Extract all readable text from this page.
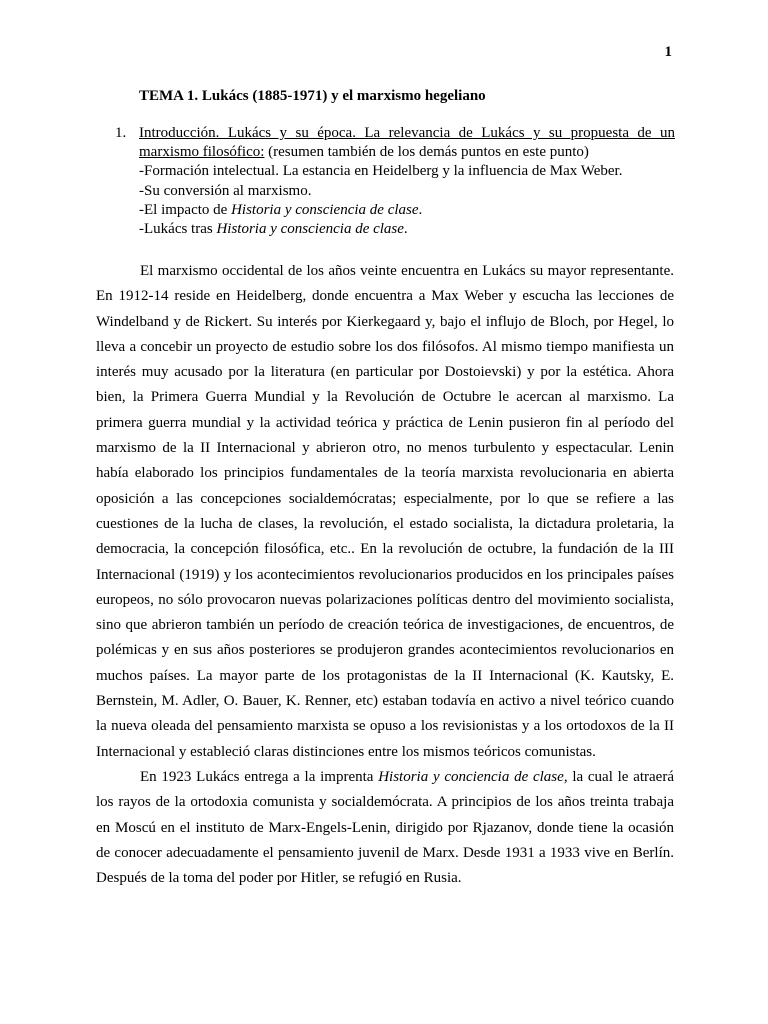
1
TEMA 1. Lukács (1885-1971) y el marxismo hegeliano
1. Introducción. Lukács y su época. La relevancia de Lukács y su propuesta de un
marxismo filosófico: (resumen también de los demás puntos en este punto)
-Formación intelectual. La estancia en Heidelberg y la influencia de Max Weber.
-Su conversión al marxismo.
-El impacto de Historia y consciencia de clase.
-Lukács tras Historia y consciencia de clase.

El marxismo occidental de los años veinte encuentra en Lukács su mayor representante. En 1912-14 reside en Heidelberg, donde encuentra a Max Weber y escucha las lecciones de Windelband y de Rickert. Su interés por Kierkegaard y, bajo el influjo de Bloch, por Hegel, lo lleva a concebir un proyecto de estudio sobre los dos filósofos. Al mismo tiempo manifiesta un interés muy acusado por la literatura (en particular por Dostoievski) y por la estética. Ahora bien, la Primera Guerra Mundial y la Revolución de Octubre le acercan al marxismo. La primera guerra mundial y la actividad teórica y práctica de Lenin pusieron fin al período del marxismo de la II Internacional y abrieron otro, no menos turbulento y espectacular. Lenin había elaborado los principios fundamentales de la teoría marxista revolucionaria en abierta oposición a las concepciones socialdemócratas; especialmente, por lo que se refiere a las cuestiones de la lucha de clases, la revolución, el estado socialista, la dictadura proletaria, la democracia, la concepción filosófica, etc.. En la revolución de octubre, la fundación de la III Internacional (1919) y los acontecimientos revolucionarios producidos en los principales países europeos, no sólo provocaron nuevas polarizaciones políticas dentro del movimiento socialista, sino que abrieron también un período de creación teórica de investigaciones, de encuentros, de polémicas y en sus años posteriores se produjeron grandes acontecimientos revolucionarios en muchos países. La mayor parte de los protagonistas de la II Internacional (K. Kautsky, E. Bernstein, M. Adler, O. Bauer, K. Renner, etc) estaban todavía en activo a nivel teórico cuando la nueva oleada del pensamiento marxista se opuso a los revisionistas y a los ortodoxos de la II Internacional y estableció claras distinciones entre los mismos teóricos comunistas.

En 1923 Lukács entrega a la imprenta Historia y conciencia de clase, la cual le atraerá los rayos de la ortodoxia comunista y socialdemócrata. A principios de los años treinta trabaja en Moscú en el instituto de Marx-Engels-Lenin, dirigido por Rjazanov, donde tiene la ocasión de conocer adecuadamente el pensamiento juvenil de Marx. Desde 1931 a 1933 vive en Berlín. Después de la toma del poder por Hitler, se refugió en Rusia.
